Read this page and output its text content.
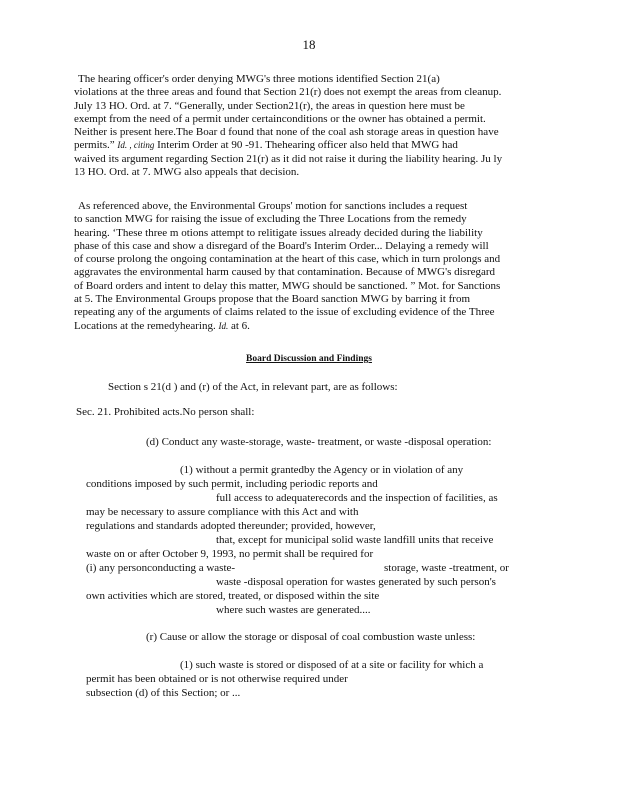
18
The hearing officer's order denying MWG's three motions identified Section 21(a)
violations at the three areas and found that Section 21(r) does not exempt the areas from cleanup.
July 13 HO. Ord. at 7. “Generally, under Section21(r), the areas in question here must be
exempt from the need of a permit under certainconditions or the owner has obtained a permit.
Neither is present here.The Boar d found that none of the coal ash storage areas in question have
permits.” Id. , citing Interim Order at 90 -91. Thehearing officer also held that MWG had
waived its argument regarding Section 21(r) as it did not raise it during the liability hearing. Ju ly
13 HO. Ord. at 7. MWG also appeals that decision.
As referenced above, the Environmental Groups' motion for sanctions includes a request
to sanction MWG for raising the issue of excluding the Three Locations from the remedy
hearing. ‘These three m otions attempt to relitigate issues already decided during the liability
phase of this case and show a disregard of the Board's Interim Order... Delaying a remedy will
of course prolong the ongoing contamination at the heart of this case, which in turn prolongs and
aggravates the environmental harm caused by that contamination. Because of MWG's disregard
of Board orders and intent to delay this matter, MWG should be sanctioned. ” Mot. for Sanctions
at 5. The Environmental Groups propose that the Board sanction MWG by barring it from
repeating any of the arguments of claims related to the issue of excluding evidence of the Three
Locations at the remedyhearing. Id. at 6.
Board Discussion and Findings
Section s 21(d ) and (r) of the Act, in relevant part, are as follows:
Sec. 21. Prohibited acts.No person shall:
(d) Conduct any waste-storage, waste- treatment, or waste -disposal operation:
(1) without a permit grantedby the Agency or in violation of any
conditions imposed by such permit, including periodic reports and
full access to adequaterecords and the inspection of facilities, as
may be necessary to assure compliance with this Act and with
regulations and standards adopted thereunder; provided, however,
that, except for municipal solid waste landfill units that receive
waste on or after October 9, 1993, no permit shall be required for
(i) any personconducting a waste-	storage, waste -treatment, or
waste -disposal operation for wastes generated by such person's
own activities which are stored, treated, or disposed within the site
where such wastes are generated....
(r) Cause or allow the storage or disposal of coal combustion waste unless:
(1) such waste is stored or disposed of at a site or facility for which a
permit has been obtained or is not otherwise required under
subsection (d) of this Section; or ...
